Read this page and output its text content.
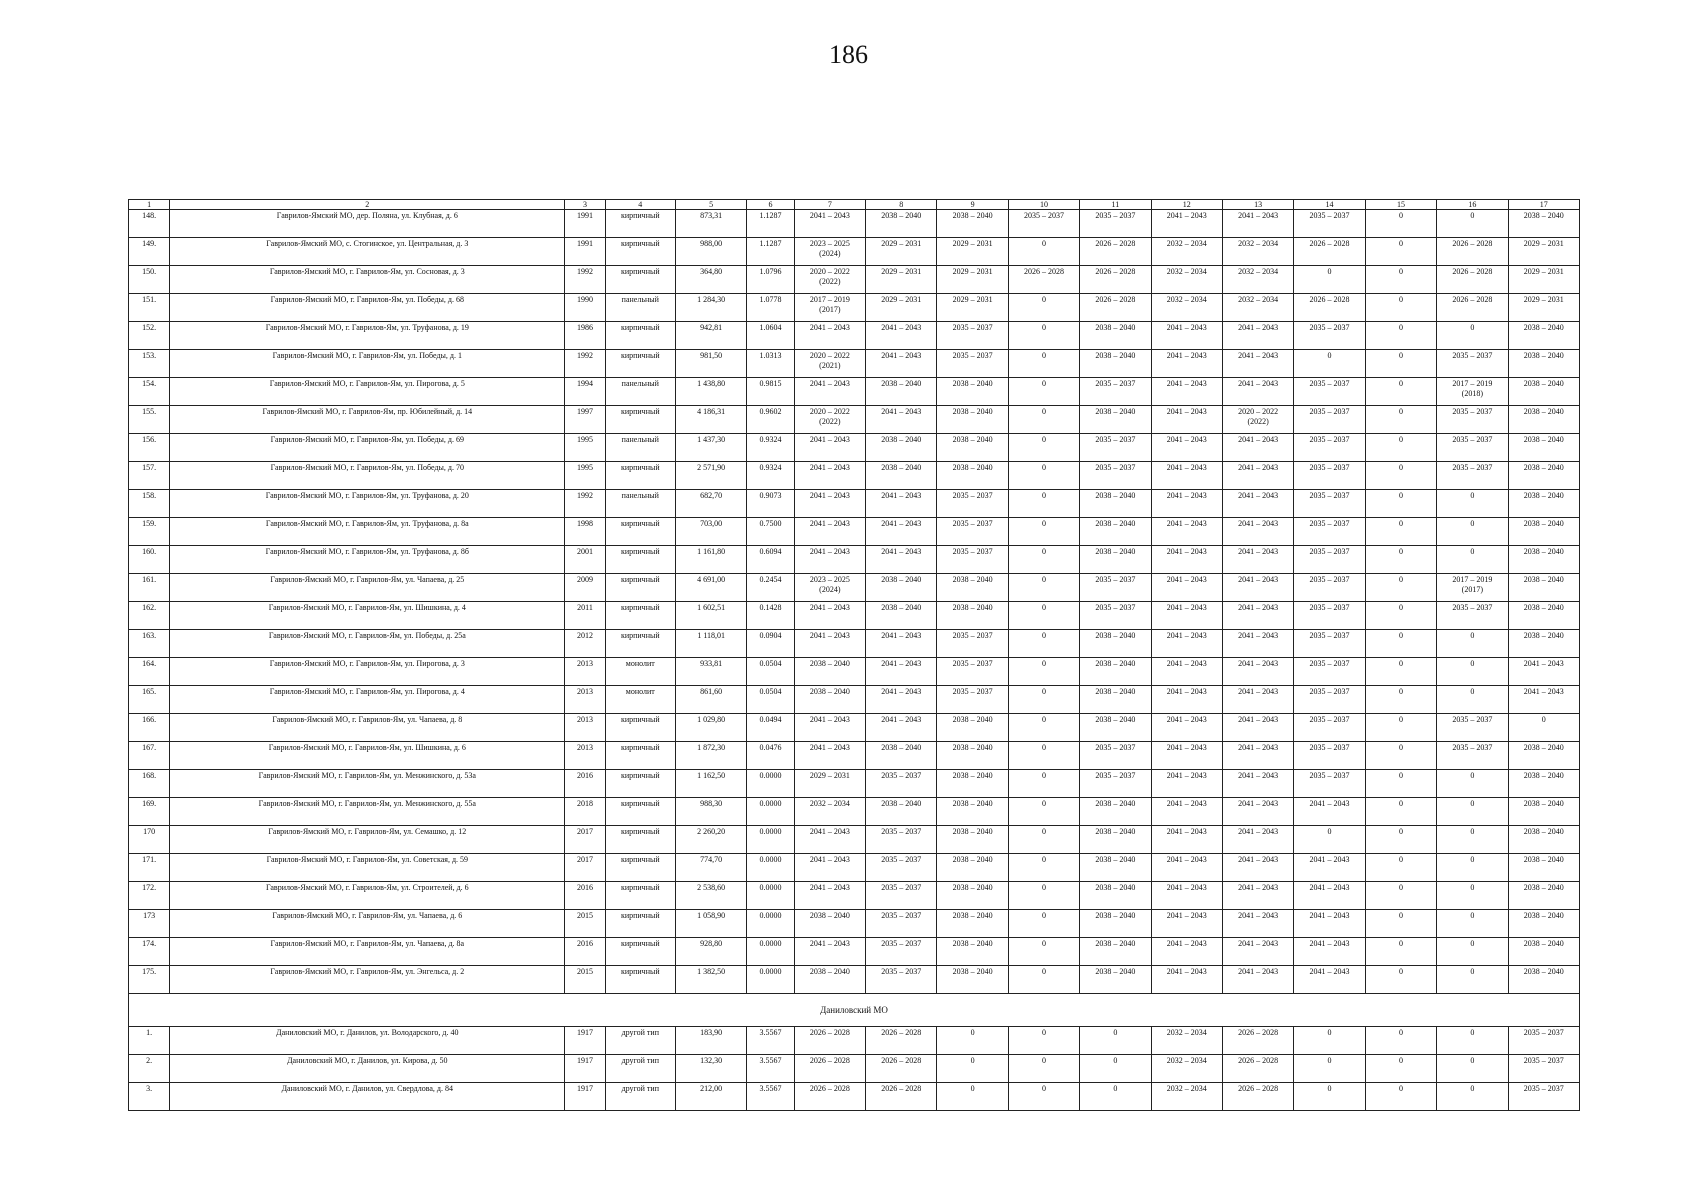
186
1	2	3	4	5	6	7	8	9	10	11	12	13	14	15	16	17

148.	Гаврилов-Ямский МО, дер. Поляна, ул. Клубная, д. 6	1991	кирпичный	873,31	1.1287	2041 – 2043	2038 – 2040	2038 – 2040	2035 – 2037	2035 – 2037	2041 – 2043	2041 – 2043	2035 – 2037	0	0	2038 – 2040

149.	Гаврилов-Ямский МО, с. Стогинское, ул. Центральная, д. 3	1991	кирпичный	988,00	1.1287	2023 – 2025
(2024)	2029 – 2031	2029 – 2031	0	2026 – 2028	2032 – 2034	2032 – 2034	2026 – 2028	0	2026 – 2028	2029 – 2031

150.	Гаврилов-Ямский МО, г. Гаврилов-Ям, ул. Сосновая, д. 3	1992	кирпичный	364,80	1.0796	2020 – 2022
(2022)	2029 – 2031	2029 – 2031	2026 – 2028	2026 – 2028	2032 – 2034	2032 – 2034	0	0	2026 – 2028	2029 – 2031

151.	Гаврилов-Ямский МО, г. Гаврилов-Ям, ул. Победы, д. 68	1990	панельный	1 284,30	1.0778	2017 – 2019
(2017)	2029 – 2031	2029 – 2031	0	2026 – 2028	2032 – 2034	2032 – 2034	2026 – 2028	0	2026 – 2028	2029 – 2031

152.	Гаврилов-Ямский МО, г. Гаврилов-Ям, ул. Труфанова, д. 19	1986	кирпичный	942,81	1.0604	2041 – 2043	2041 – 2043	2035 – 2037	0	2038 – 2040	2041 – 2043	2041 – 2043	2035 – 2037	0	0	2038 – 2040

153.	Гаврилов-Ямский МО, г. Гаврилов-Ям, ул. Победы, д. 1	1992	кирпичный	981,50	1.0313	2020 – 2022
(2021)	2041 – 2043	2035 – 2037	0	2038 – 2040	2041 – 2043	2041 – 2043	0	0	2035 – 2037	2038 – 2040

154.	Гаврилов-Ямский МО, г. Гаврилов-Ям, ул. Пирогова, д. 5	1994	панельный	1 438,80	0.9815	2041 – 2043	2038 – 2040	2038 – 2040	0	2035 – 2037	2041 – 2043	2041 – 2043	2035 – 2037	0	2017 – 2019
(2018)	2038 – 2040

155.	Гаврилов-Ямский МО, г. Гаврилов-Ям, пр. Юбилейный, д. 14	1997	кирпичный	4 186,31	0.9602	2020 – 2022
(2022)	2041 – 2043	2038 – 2040	0	2038 – 2040	2041 – 2043	2020 – 2022
(2022)	2035 – 2037	0	2035 – 2037	2038 – 2040

156.	Гаврилов-Ямский МО, г. Гаврилов-Ям, ул. Победы, д. 69	1995	панельный	1 437,30	0.9324	2041 – 2043	2038 – 2040	2038 – 2040	0	2035 – 2037	2041 – 2043	2041 – 2043	2035 – 2037	0	2035 – 2037	2038 – 2040

157.	Гаврилов-Ямский МО, г. Гаврилов-Ям, ул. Победы, д. 70	1995	кирпичный	2 571,90	0.9324	2041 – 2043	2038 – 2040	2038 – 2040	0	2035 – 2037	2041 – 2043	2041 – 2043	2035 – 2037	0	2035 – 2037	2038 – 2040

158.	Гаврилов-Ямский МО, г. Гаврилов-Ям, ул. Труфанова, д. 20	1992	панельный	682,70	0.9073	2041 – 2043	2041 – 2043	2035 – 2037	0	2038 – 2040	2041 – 2043	2041 – 2043	2035 – 2037	0	0	2038 – 2040

159.	Гаврилов-Ямский МО, г. Гаврилов-Ям, ул. Труфанова, д. 8а	1998	кирпичный	703,00	0.7500	2041 – 2043	2041 – 2043	2035 – 2037	0	2038 – 2040	2041 – 2043	2041 – 2043	2035 – 2037	0	0	2038 – 2040

160.	Гаврилов-Ямский МО, г. Гаврилов-Ям, ул. Труфанова, д. 8б	2001	кирпичный	1 161,80	0.6094	2041 – 2043	2041 – 2043	2035 – 2037	0	2038 – 2040	2041 – 2043	2041 – 2043	2035 – 2037	0	0	2038 – 2040

161.	Гаврилов-Ямский МО, г. Гаврилов-Ям, ул. Чапаева, д. 25	2009	кирпичный	4 691,00	0.2454	2023 – 2025
(2024)	2038 – 2040	2038 – 2040	0	2035 – 2037	2041 – 2043	2041 – 2043	2035 – 2037	0	2017 – 2019
(2017)	2038 – 2040

162.	Гаврилов-Ямский МО, г. Гаврилов-Ям, ул. Шишкина, д. 4	2011	кирпичный	1 602,51	0.1428	2041 – 2043	2038 – 2040	2038 – 2040	0	2035 – 2037	2041 – 2043	2041 – 2043	2035 – 2037	0	2035 – 2037	2038 – 2040

163.	Гаврилов-Ямский МО, г. Гаврилов-Ям, ул. Победы, д. 25а	2012	кирпичный	1 118,01	0.0904	2041 – 2043	2041 – 2043	2035 – 2037	0	2038 – 2040	2041 – 2043	2041 – 2043	2035 – 2037	0	0	2038 – 2040

164.	Гаврилов-Ямский МО, г. Гаврилов-Ям, ул. Пирогова, д. 3	2013	монолит	933,81	0.0504	2038 – 2040	2041 – 2043	2035 – 2037	0	2038 – 2040	2041 – 2043	2041 – 2043	2035 – 2037	0	0	2041 – 2043

165.	Гаврилов-Ямский МО, г. Гаврилов-Ям, ул. Пирогова, д. 4	2013	монолит	861,60	0.0504	2038 – 2040	2041 – 2043	2035 – 2037	0	2038 – 2040	2041 – 2043	2041 – 2043	2035 – 2037	0	0	2041 – 2043

166.	Гаврилов-Ямский МО, г. Гаврилов-Ям, ул. Чапаева, д. 8	2013	кирпичный	1 029,80	0.0494	2041 – 2043	2041 – 2043	2038 – 2040	0	2038 – 2040	2041 – 2043	2041 – 2043	2035 – 2037	0	2035 – 2037	0

167.	Гаврилов-Ямский МО, г. Гаврилов-Ям, ул. Шишкина, д. 6	2013	кирпичный	1 872,30	0.0476	2041 – 2043	2038 – 2040	2038 – 2040	0	2035 – 2037	2041 – 2043	2041 – 2043	2035 – 2037	0	2035 – 2037	2038 – 2040

168.	Гаврилов-Ямский МО, г. Гаврилов-Ям, ул. Менжинского, д. 53а	2016	кирпичный	1 162,50	0.0000	2029 – 2031	2035 – 2037	2038 – 2040	0	2035 – 2037	2041 – 2043	2041 – 2043	2035 – 2037	0	0	2038 – 2040

169.	Гаврилов-Ямский МО, г. Гаврилов-Ям, ул. Менжинского, д. 55а	2018	кирпичный	988,30	0.0000	2032 – 2034	2038 – 2040	2038 – 2040	0	2038 – 2040	2041 – 2043	2041 – 2043	2041 – 2043	0	0	2038 – 2040

170	Гаврилов-Ямский МО, г. Гаврилов-Ям, ул. Семашко, д. 12	2017	кирпичный	2 260,20	0.0000	2041 – 2043	2035 – 2037	2038 – 2040	0	2038 – 2040	2041 – 2043	2041 – 2043	0	0	0	2038 – 2040

171.	Гаврилов-Ямский МО, г. Гаврилов-Ям, ул. Советская, д. 59	2017	кирпичный	774,70	0.0000	2041 – 2043	2035 – 2037	2038 – 2040	0	2038 – 2040	2041 – 2043	2041 – 2043	2041 – 2043	0	0	2038 – 2040

172.	Гаврилов-Ямский МО, г. Гаврилов-Ям, ул. Строителей, д. 6	2016	кирпичный	2 538,60	0.0000	2041 – 2043	2035 – 2037	2038 – 2040	0	2038 – 2040	2041 – 2043	2041 – 2043	2041 – 2043	0	0	2038 – 2040

173	Гаврилов-Ямский МО, г. Гаврилов-Ям, ул. Чапаева, д. 6	2015	кирпичный	1 058,90	0.0000	2038 – 2040	2035 – 2037	2038 – 2040	0	2038 – 2040	2041 – 2043	2041 – 2043	2041 – 2043	0	0	2038 – 2040

174.	Гаврилов-Ямский МО, г. Гаврилов-Ям, ул. Чапаева, д. 8а	2016	кирпичный	928,80	0.0000	2041 – 2043	2035 – 2037	2038 – 2040	0	2038 – 2040	2041 – 2043	2041 – 2043	2041 – 2043	0	0	2038 – 2040

175.	Гаврилов-Ямский МО, г. Гаврилов-Ям, ул. Энгельса, д. 2	2015	кирпичный	1 382,50	0.0000	2038 – 2040	2035 – 2037	2038 – 2040	0	2038 – 2040	2041 – 2043	2041 – 2043	2041 – 2043	0	0	2038 – 2040

Даниловский МО																

1.	Даниловский МО, г. Данилов, ул. Володарского, д. 40	1917	другой тип	183,90	3.5567	2026 – 2028	2026 – 2028	0	0	0	2032 – 2034	2026 – 2028	0	0	0	2035 – 2037

2.	Даниловский МО, г. Данилов, ул. Кирова, д. 50	1917	другой тип	132,30	3.5567	2026 – 2028	2026 – 2028	0	0	0	2032 – 2034	2026 – 2028	0	0	0	2035 – 2037

3.	Даниловский МО, г. Данилов, ул. Свердлова, д. 84	1917	другой тип	212,00	3.5567	2026 – 2028	2026 – 2028	0	0	0	2032 – 2034	2026 – 2028	0	0	0	2035 – 2037
